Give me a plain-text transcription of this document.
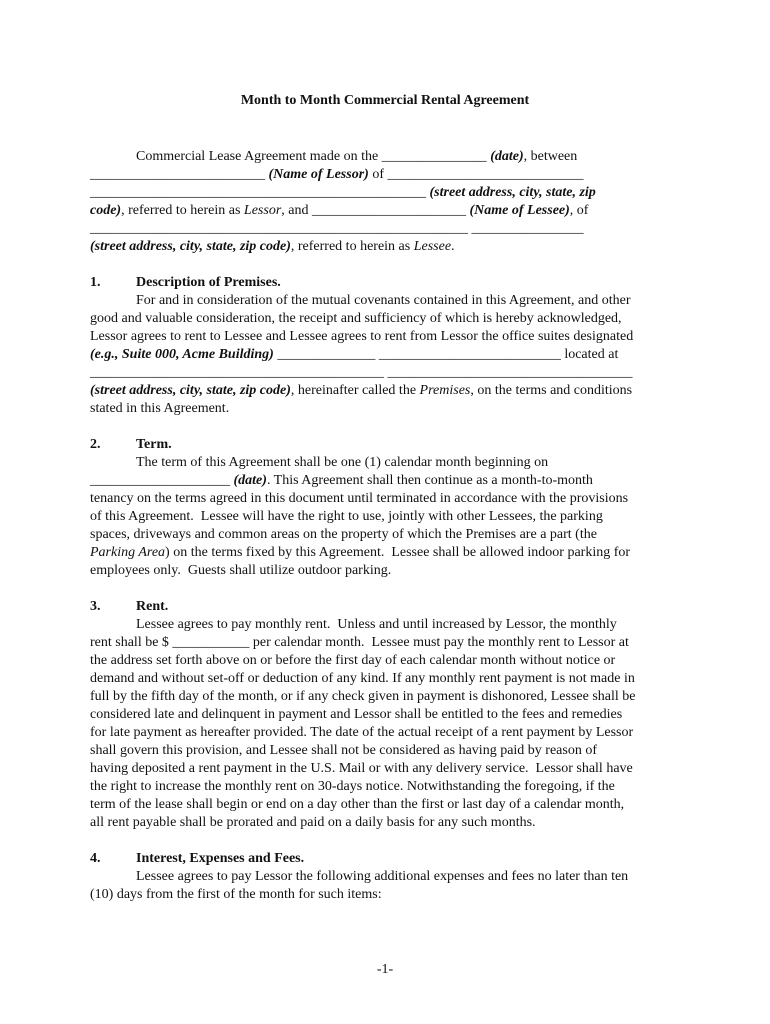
Month to Month Commercial Rental Agreement
Commercial Lease Agreement made on the _______________ (date), between
_________________________ (Name of Lessor) of ____________________________
________________________________________________ (street address, city, state, zip
code), referred to herein as Lessor, and ______________________ (Name of Lessee), of
______________________________________________________ ________________
(street address, city, state, zip code), referred to herein as Lessee.
1.	Description of Premises.
For and in consideration of the mutual covenants contained in this Agreement, and other
good and valuable consideration, the receipt and sufficiency of which is hereby acknowledged,
Lessor agrees to rent to Lessee and Lessee agrees to rent from Lessor the office suites designated
(e.g., Suite 000, Acme Building) ______________ __________________________ located at
__________________________________________ ___________________________________
(street address, city, state, zip code), hereinafter called the Premises, on the terms and conditions
stated in this Agreement.
2.	Term.
The term of this Agreement shall be one (1) calendar month beginning on
____________________ (date). This Agreement shall then continue as a month-to-month
tenancy on the terms agreed in this document until terminated in accordance with the provisions
of this Agreement.  Lessee will have the right to use, jointly with other Lessees, the parking
spaces, driveways and common areas on the property of which the Premises are a part (the
Parking Area) on the terms fixed by this Agreement.  Lessee shall be allowed indoor parking for
employees only.  Guests shall utilize outdoor parking.
3.	Rent.
Lessee agrees to pay monthly rent.  Unless and until increased by Lessor, the monthly
rent shall be $ ___________ per calendar month.  Lessee must pay the monthly rent to Lessor at
the address set forth above on or before the first day of each calendar month without notice or
demand and without set-off or deduction of any kind. If any monthly rent payment is not made in
full by the fifth day of the month, or if any check given in payment is dishonored, Lessee shall be
considered late and delinquent in payment and Lessor shall be entitled to the fees and remedies
for late payment as hereafter provided. The date of the actual receipt of a rent payment by Lessor
shall govern this provision, and Lessee shall not be considered as having paid by reason of
having deposited a rent payment in the U.S. Mail or with any delivery service.  Lessor shall have
the right to increase the monthly rent on 30-days notice. Notwithstanding the foregoing, if the
term of the lease shall begin or end on a day other than the first or last day of a calendar month,
all rent payable shall be prorated and paid on a daily basis for any such months.
4.	Interest, Expenses and Fees.
Lessee agrees to pay Lessor the following additional expenses and fees no later than ten
(10) days from the first of the month for such items:
-1-
